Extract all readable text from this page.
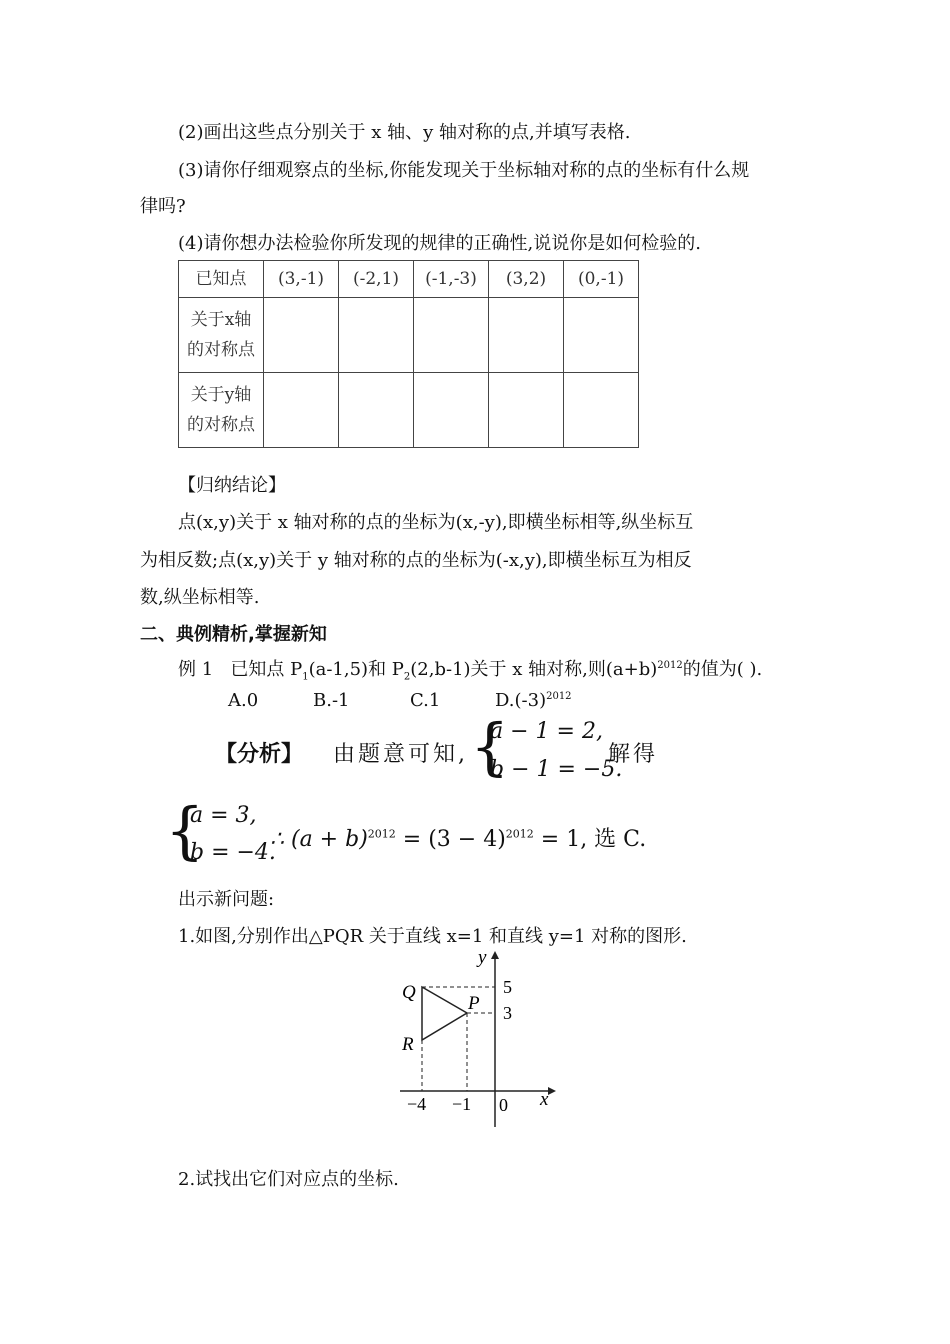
(2)画出这些点分别关于 x 轴、y 轴对称的点,并填写表格.
(3)请你仔细观察点的坐标,你能发现关于坐标轴对称的点的坐标有什么规
律吗?
(4)请你想办法检验你所发现的规律的正确性,说说你是如何检验的.
已知点	(3,-1)	(-2,1)	(-1,-3)	(3,2)	(0,-1)

关于x轴
的对称点					

关于y轴
的对称点					

【归纳结论】
点(x,y)关于 x 轴对称的点的坐标为(x,-y),即横坐标相等,纵坐标互
为相反数;点(x,y)关于 y 轴对称的点的坐标为(-x,y),即横坐标互为相反
数,纵坐标相等.
二、典例精析,掌握新知
例 1 已知点 $P_1(a-1,5)$和 $P_2(2,b-1)$关于 x 轴对称,则$(a+b)^{2012}$的值为( ).
A.0	B.-1	C.1	$D.(-3)^{2012}$
【分析】 由题意可知, {
a − 1 = 2,
b − 1 = −5.
解得
{
a = 3,
b = −4.
∴ $(a + b)^{2012} = (3 - 4)^{2012} = 1$, 选 C.
出示新问题:
1.如图,分别作出△PQR 关于直线 x=1 和直线 y=1 对称的图形.
Q
P
R
5
3
−4 −1 0 x
y
2.试找出它们对应点的坐标.
